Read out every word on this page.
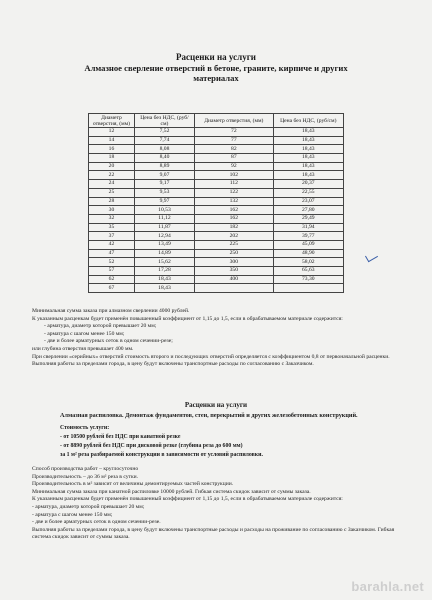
Расценки на услуги
Алмазное сверление отверстий в бетоне, граните, кирпиче и других
материалах
Диаметр отверстия, (мм)	Цена без НДС, (руб/см)	Диаметр отверстия, (мм)	Цена без НДС, (руб/см)
12	7,52	72	18,43
14	7,74	77	18,43
16	8,08	82	18,43
18	8,40	87	18,43
20	8,89	92	18,43
22	9,07	102	18,43
24	9,17	112	20,37
25	9,53	122	22,55
28	9,97	132	23,07
30	10,53	162	27,80
32	11,12	162	29,49
35	11,87	182	31,94
37	12,94	202	39,77
42	13,49	225	45,09
47	14,89	250	48,90
52	15,62	300	58,02
57	17,28	350	65,63
62	18,43	400	73,30
67	18,43		

Минимальная сумма заказа при алмазном сверлении 4000 рублей.

К указанным расценкам будет применён повышенный коэффициент от 1,15 до 1,5, если в обрабатываемом материале содержится:

- арматура, диаметр которой превышает 20 мм;

- арматура с шагом менее 150 мм;

- две и более арматурных сеток в одном сечении-резе;

или глубина отверстия превышает 400 мм.

При сверлении «серийных» отверстий стоимость второго и последующих отверстий определяется с коэффициентом 0,8 от первоначальной расценки.

Выполняя работы за пределами города, в цену будут включены транспортные расходы по согласованию с Заказчиком.

Расценки на услуги
Алмазная распиловка. Демонтаж фундаментов, стен, перекрытий и других железобетонных конструкций.

Стоимость услуги:

- от 10500 рублей без НДС при канатной резке

- от 8890 рублей без НДС при дисковой резке (глубина реза до 600 мм)

за 1 м² реза разбираемой конструкции в зависимости от условий распиловки.

Способ производства работ – круглосуточно

Производительность – до 36 м² реза в сутки.

Производительность в м² зависит от величины демонтируемых частей конструкции.

Минимальная сумма заказа при канатной распиловке 10000 рублей. Гибкая система скидок зависит от суммы заказа.

К указанным расценкам будет применён повышенный коэффициент от 1,15 до 1,5, если в обрабатываемом материале содержится:

- арматура, диаметр которой превышает 20 мм;

- арматура с шагом менее 150 мм;

- две и более арматурных сеток в одном сечении-резе.

Выполняя работы за пределами города, в цену будут включены транспортные расходы и расходы на проживание по согласованию с Заказчиком. Гибкая система скидок зависит от суммы заказа.

barahla.net
